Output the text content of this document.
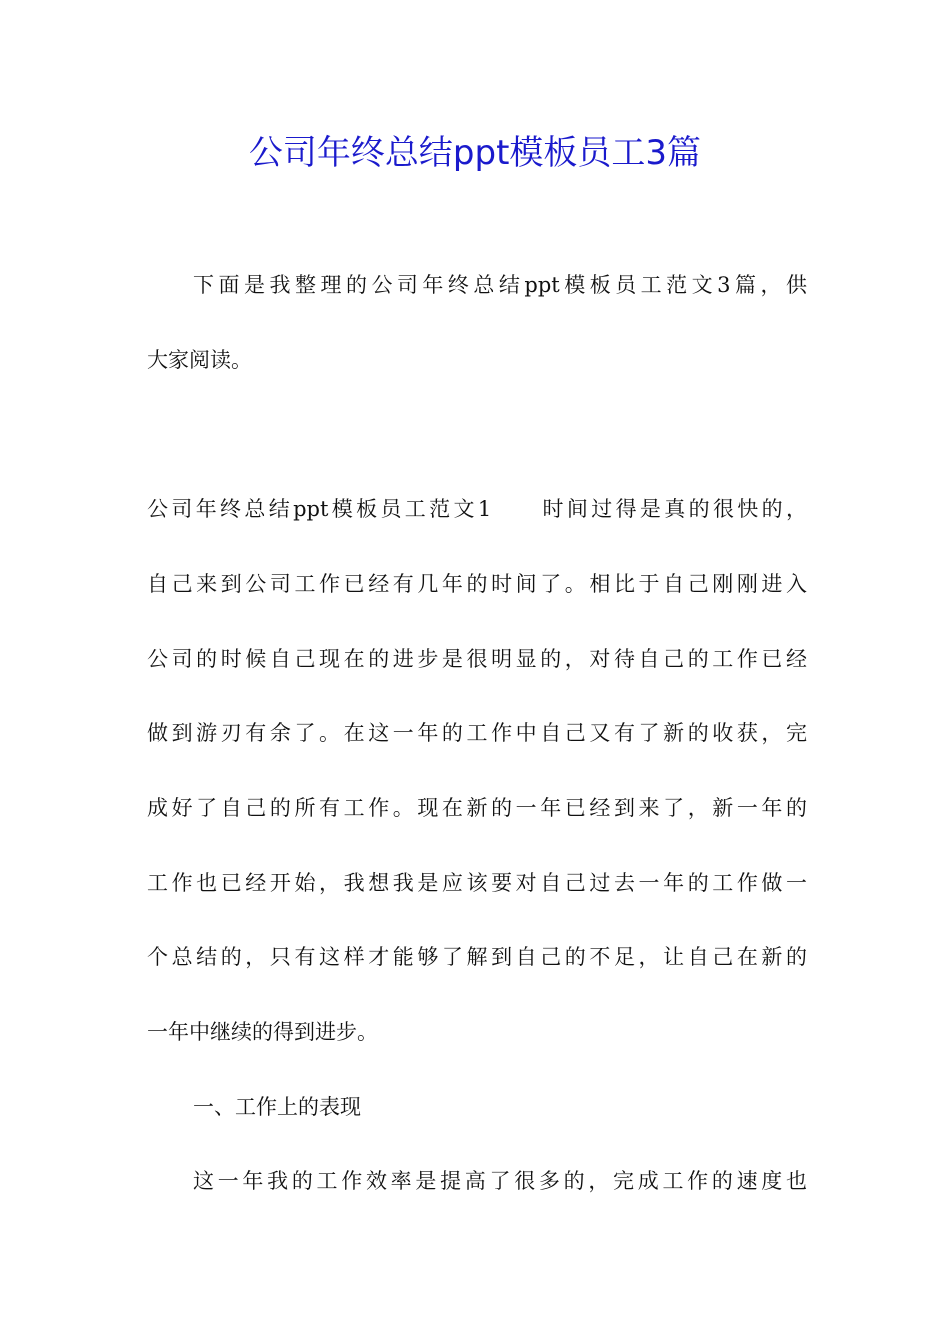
公司年终总结ppt模板员工3篇

下面是我整理的公司年终总结ppt模板员工范文3篇，供

大家阅读。

公司年终总结ppt模板员工范文1 时间过得是真的很快的，

自己来到公司工作已经有几年的时间了。相比于自己刚刚进入

公司的时候自己现在的进步是很明显的，对待自己的工作已经

做到游刃有余了。在这一年的工作中自己又有了新的收获，完

成好了自己的所有工作。现在新的一年已经到来了，新一年的

工作也已经开始，我想我是应该要对自己过去一年的工作做一

个总结的，只有这样才能够了解到自己的不足，让自己在新的

一年中继续的得到进步。

一、工作上的表现

这一年我的工作效率是提高了很多的，完成工作的速度也
